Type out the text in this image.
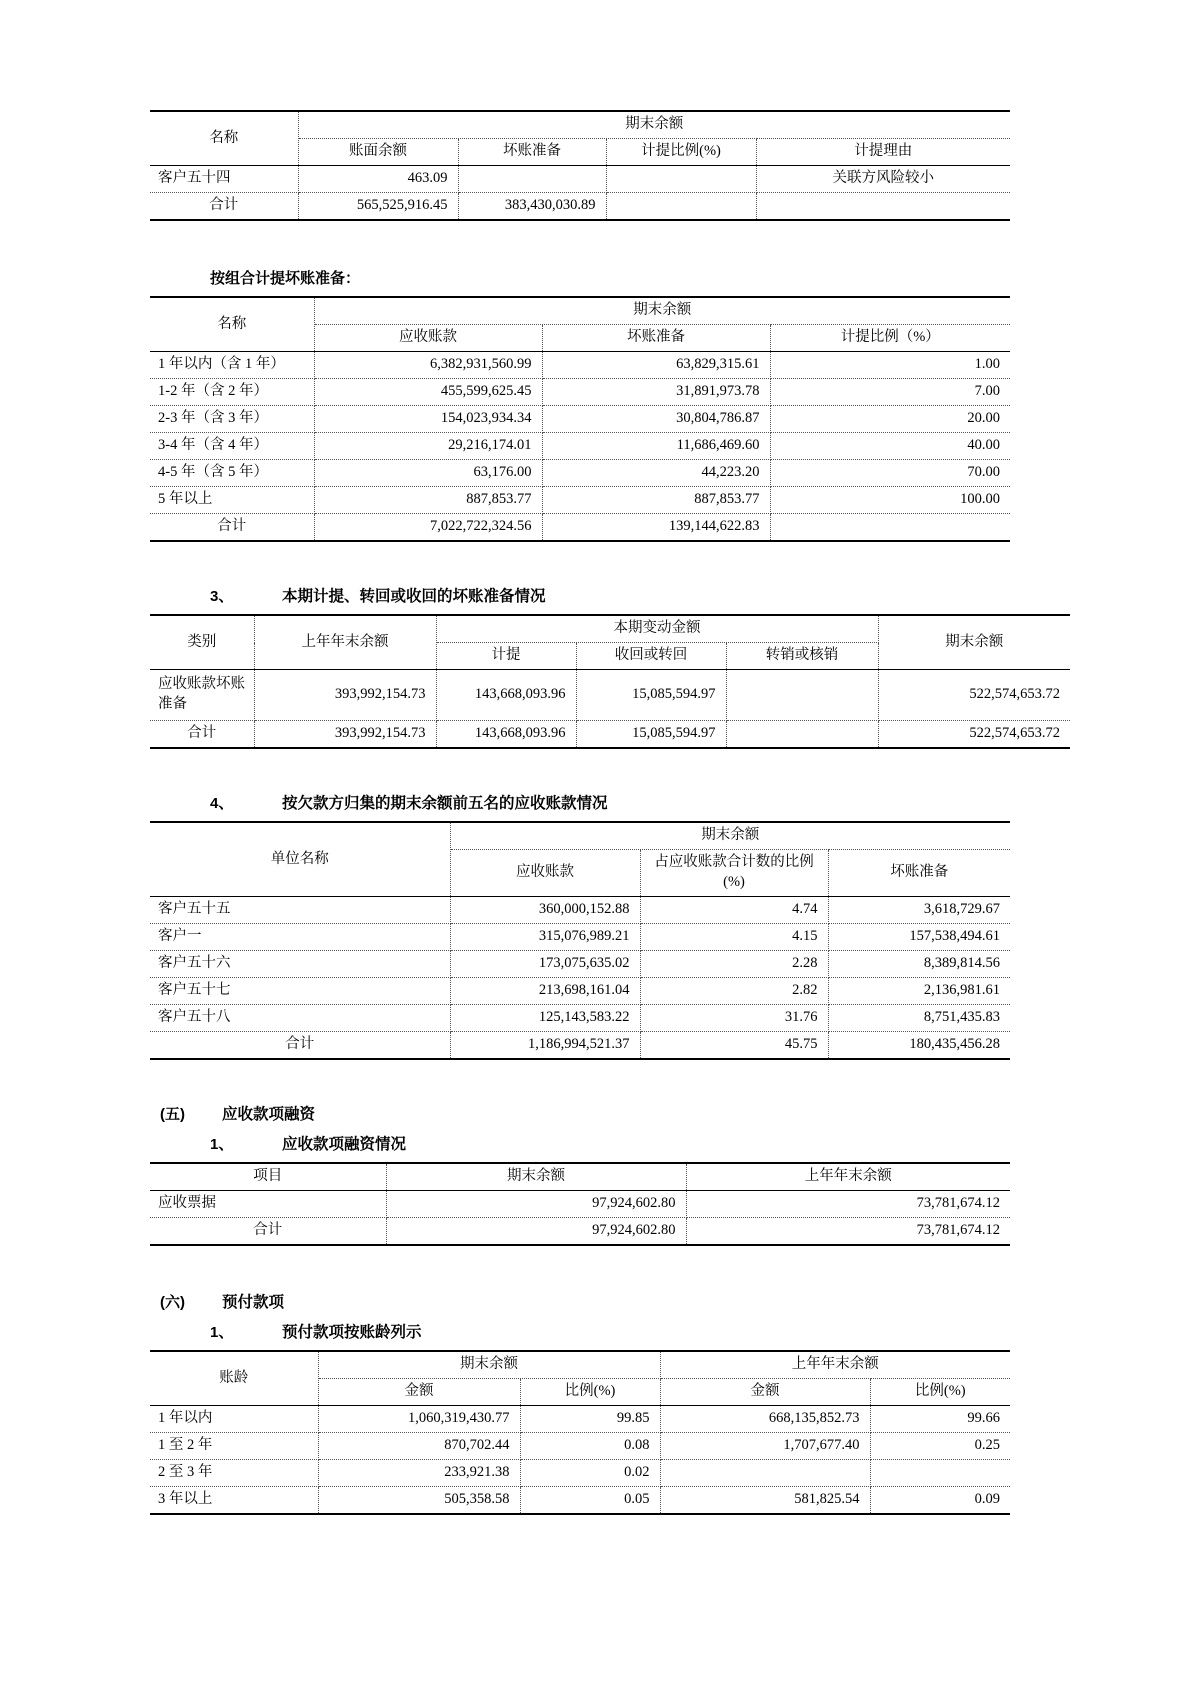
名称	期末余额			
	账面余额	坏账准备	计提比例(%)	计提理由
客户五十四	463.09			关联方风险较小
合计	565,525,916.45	383,430,030.89		
按组合计提坏账准备：
名称	期末余额		
	应收账款	坏账准备	计提比例（%）
1 年以内（含 1 年）	6,382,931,560.99	63,829,315.61	1.00
1-2 年（含 2 年）	455,599,625.45	31,891,973.78	7.00
2-3 年（含 3 年）	154,023,934.34	30,804,786.87	20.00
3-4 年（含 4 年）	29,216,174.01	11,686,469.60	40.00
4-5 年（含 5 年）	63,176.00	44,223.20	70.00
5 年以上	887,853.77	887,853.77	100.00
合计	7,022,722,324.56	139,144,622.83	
3、	本期计提、转回或收回的坏账准备情况
类别	上年年末余额	本期变动金额			期末余额
		计提	收回或转回	转销或核销	
应收账款坏账准备	393,992,154.73	143,668,093.96	15,085,594.97		522,574,653.72
合计	393,992,154.73	143,668,093.96	15,085,594.97		522,574,653.72
4、	按欠款方归集的期末余额前五名的应收账款情况
单位名称	期末余额		
	应收账款	占应收账款合计数的比例(%)	坏账准备
客户五十五	360,000,152.88	4.74	3,618,729.67
客户一	315,076,989.21	4.15	157,538,494.61
客户五十六	173,075,635.02	2.28	8,389,814.56
客户五十七	213,698,161.04	2.82	2,136,981.61
客户五十八	125,143,583.22	31.76	8,751,435.83
合计	1,186,994,521.37	45.75	180,435,456.28
(五)	应收款项融资
1、	应收款项融资情况
项目	期末余额	上年年末余额
应收票据	97,924,602.80	73,781,674.12
合计	97,924,602.80	73,781,674.12
(六)	预付款项
1、	预付款项按账龄列示
账龄	期末余额		上年年末余额	
	金额	比例(%)	金额	比例(%)
1 年以内	1,060,319,430.77	99.85	668,135,852.73	99.66
1 至 2 年	870,702.44	0.08	1,707,677.40	0.25
2 至 3 年	233,921.38	0.02		
3 年以上	505,358.58	0.05	581,825.54	0.09
